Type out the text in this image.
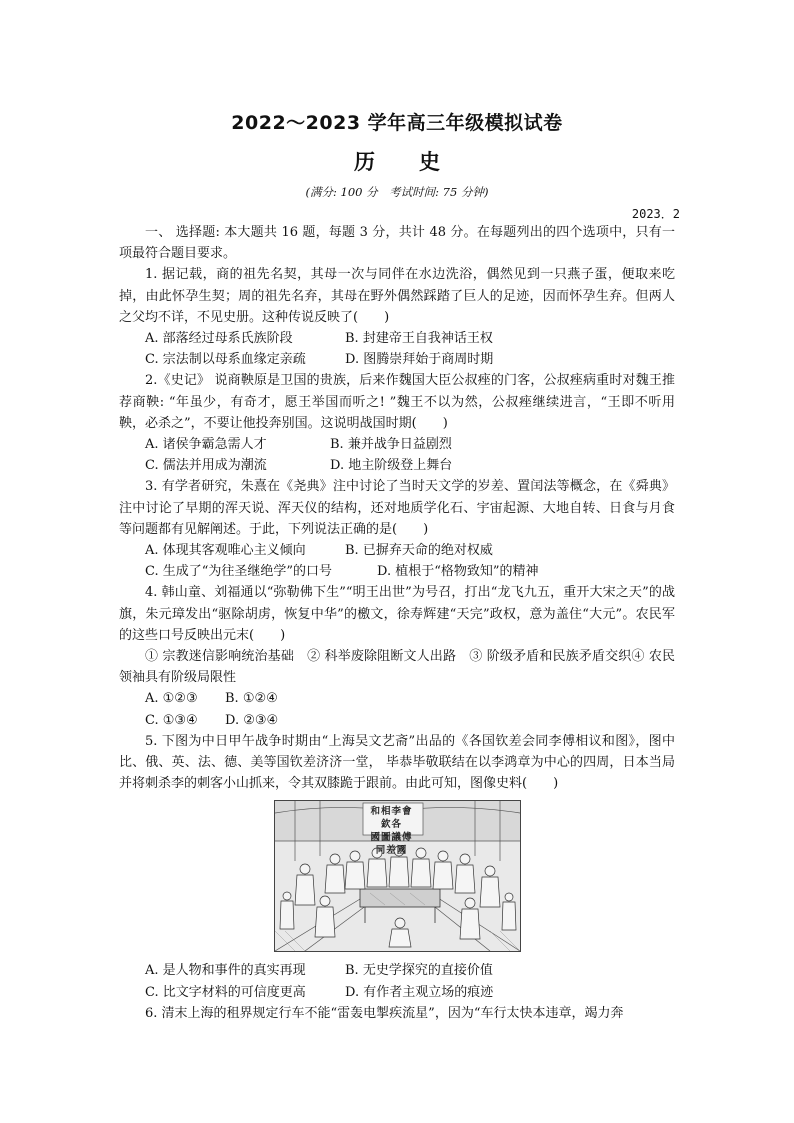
2022～2023 学年高三年级模拟试卷
历 史
(满分: 100 分　考试时间: 75 分钟)
2023．2

一、 选择题: 本大题共 16 题，每题 3 分，共计 48 分。在每题列出的四个选项中，只有一项最符合题目要求。

1. 据记载，商的祖先名契，其母一次与同伴在水边洗浴，偶然见到一只燕子蛋，便取来吃掉，由此怀孕生契；周的祖先名弃，其母在野外偶然踩踏了巨人的足迹，因而怀孕生弃。但两人之父均不详，不见史册。这种传说反映了(　　)

A. 部落经过母系氏族阶段	B. 封建帝王自我神话王权

C. 宗法制以母系血缘定亲疏	D. 图腾崇拜始于商周时期

2.《史记》 说商鞅原是卫国的贵族，后来作魏国大臣公叔痤的门客，公叔痤病重时对魏王推荐商鞅: “年虽少，有奇才，愿王举国而听之! ”魏王不以为然，公叔痤继续进言，“王即不听用鞅，必杀之”，不要让他投奔别国。这说明战国时期(　　)

A. 诸侯争霸急需人才	B. 兼并战争日益剧烈

C. 儒法并用成为潮流	D. 地主阶级登上舞台

3. 有学者研究，朱熹在《尧典》注中讨论了当时天文学的岁差、置闰法等概念，在《舜典》注中讨论了早期的浑天说、浑天仪的结构，还对地质学化石、宇宙起源、大地自转、日食与月食等问题都有见解阐述。于此，下列说法正确的是(　　)

A. 体现其客观唯心主义倾向	B. 已摒弃天命的绝对权威

C. 生成了“为往圣继绝学”的口号	D. 植根于“格物致知”的精神

4. 韩山童、刘福通以“弥勒佛下生”“明王出世”为号召，打出“龙飞九五，重开大宋之天”的战旗，朱元璋发出“驱除胡虏，恢复中华”的檄文，徐寿辉建“天完”政权，意为盖住“大元”。农民军的这些口号反映出元末(　　)

① 宗教迷信影响统治基础　② 科举废除阻断文人出路　③ 阶级矛盾和民族矛盾交织④ 农民领袖具有阶级局限性

A. ①②③ B. ①②④

C. ①③④ D. ②③④

5. 下图为中日甲午战争时期由“上海吴文艺斋”出品的《各国钦差会同李傅相议和图》，图中比、俄、英、法、德、美等国钦差济济一堂， 毕恭毕敬联结在以李鸿章为中心的四周，日本当局并将刺杀李的刺客小山抓来，令其双膝跪于跟前。由此可知，图像史料(　　)

和相李會欽各
國圖議傅同差國

A. 是人物和事件的真实再现	B. 无史学探究的直接价值

C. 比文字材料的可信度更高	D. 有作者主观立场的痕迹

6. 清末上海的租界规定行车不能“雷轰电掣疾流星”，因为“车行太快本违章，竭力奔
